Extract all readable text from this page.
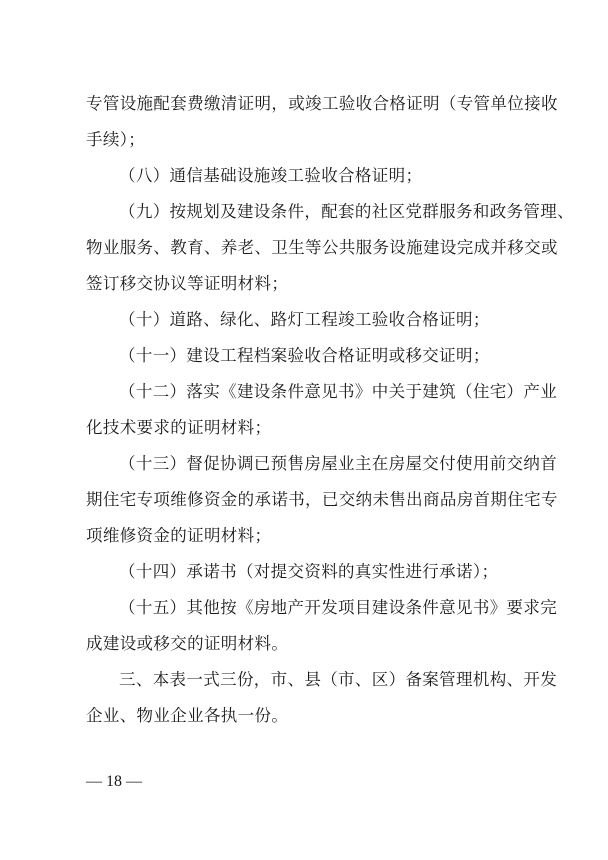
专管设施配套费缴清证明，或竣工验收合格证明（专管单位接收
手续）；
（八）通信基础设施竣工验收合格证明；
（九）按规划及建设条件，配套的社区党群服务和政务管理、
物业服务、教育、养老、卫生等公共服务设施建设完成并移交或
签订移交协议等证明材料；
（十）道路、绿化、路灯工程竣工验收合格证明；
（十一）建设工程档案验收合格证明或移交证明；
（十二）落实《建设条件意见书》中关于建筑（住宅）产业
化技术要求的证明材料；
（十三）督促协调已预售房屋业主在房屋交付使用前交纳首
期住宅专项维修资金的承诺书，已交纳未售出商品房首期住宅专
项维修资金的证明材料；
（十四）承诺书（对提交资料的真实性进行承诺）；
（十五）其他按《房地产开发项目建设条件意见书》要求完
成建设或移交的证明材料。
三、本表一式三份，市、县（市、区）备案管理机构、开发
企业、物业企业各执一份。
— 18 —
